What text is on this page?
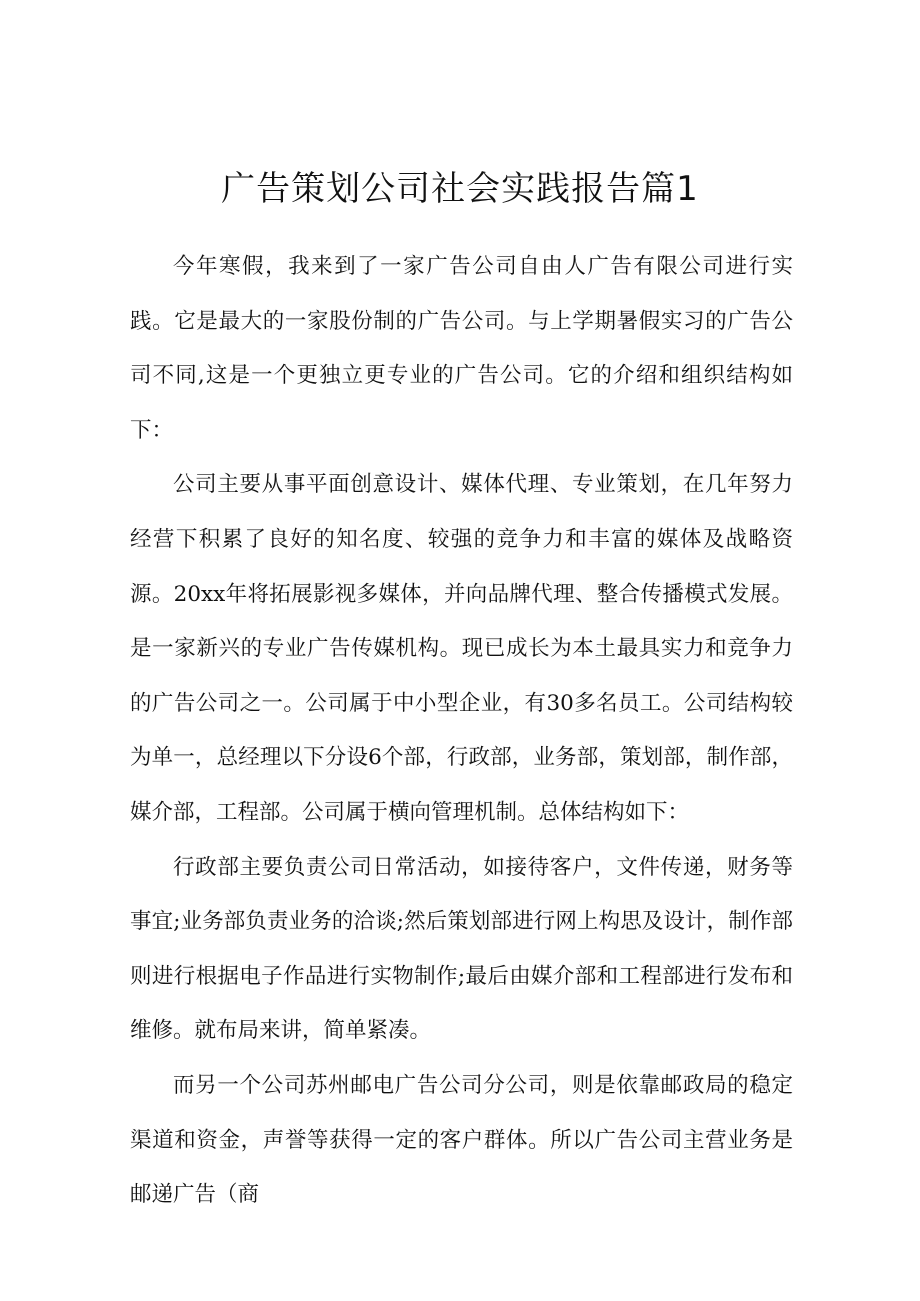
广告策划公司社会实践报告篇1

今年寒假，我来到了一家广告公司自由人广告有限公司进行实践。它是最大的一家股份制的广告公司。与上学期暑假实习的广告公司不同,这是一个更独立更专业的广告公司。它的介绍和组织结构如下：

公司主要从事平面创意设计、媒体代理、专业策划，在几年努力经营下积累了良好的知名度、较强的竞争力和丰富的媒体及战略资源。20xx年将拓展影视多媒体，并向品牌代理、整合传播模式发展。是一家新兴的专业广告传媒机构。现已成长为本土最具实力和竞争力的广告公司之一。公司属于中小型企业，有30多名员工。公司结构较为单一，总经理以下分设6个部，行政部，业务部，策划部，制作部，媒介部，工程部。公司属于横向管理机制。总体结构如下：

行政部主要负责公司日常活动，如接待客户，文件传递，财务等事宜;业务部负责业务的洽谈;然后策划部进行网上构思及设计，制作部则进行根据电子作品进行实物制作;最后由媒介部和工程部进行发布和维修。就布局来讲，简单紧凑。

而另一个公司苏州邮电广告公司分公司，则是依靠邮政局的稳定渠道和资金，声誉等获得一定的客户群体。所以广告公司主营业务是邮递广告（商
